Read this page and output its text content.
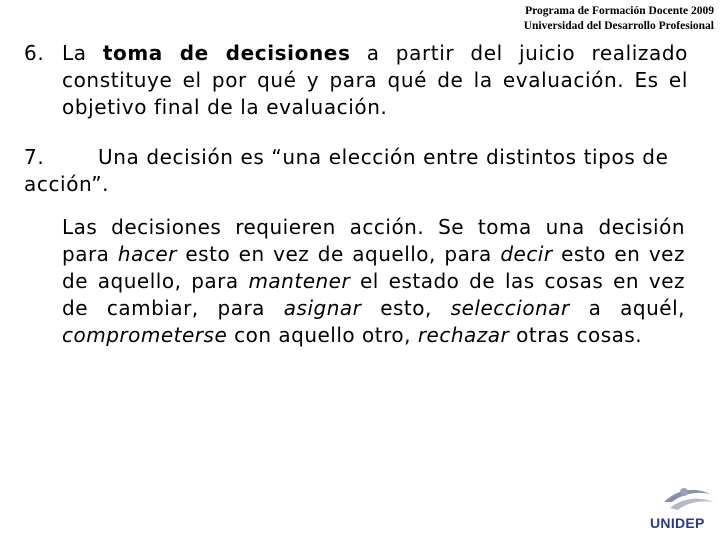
Programa de Formación Docente 2009
Universidad del Desarrollo Profesional
6. La toma de decisiones a partir del juicio realizado constituye el por qué y para qué de la evaluación. Es el objetivo final de la evaluación.
7.	Una decisión es “una elección entre distintos tipos de acción”.
Las decisiones requieren acción. Se toma una decisión para hacer esto en vez de aquello, para decir esto en vez de aquello, para mantener el estado de las cosas en vez de cambiar, para asignar esto, seleccionar a aquél, comprometerse con aquello otro, rechazar otras cosas.
UNIDEP
